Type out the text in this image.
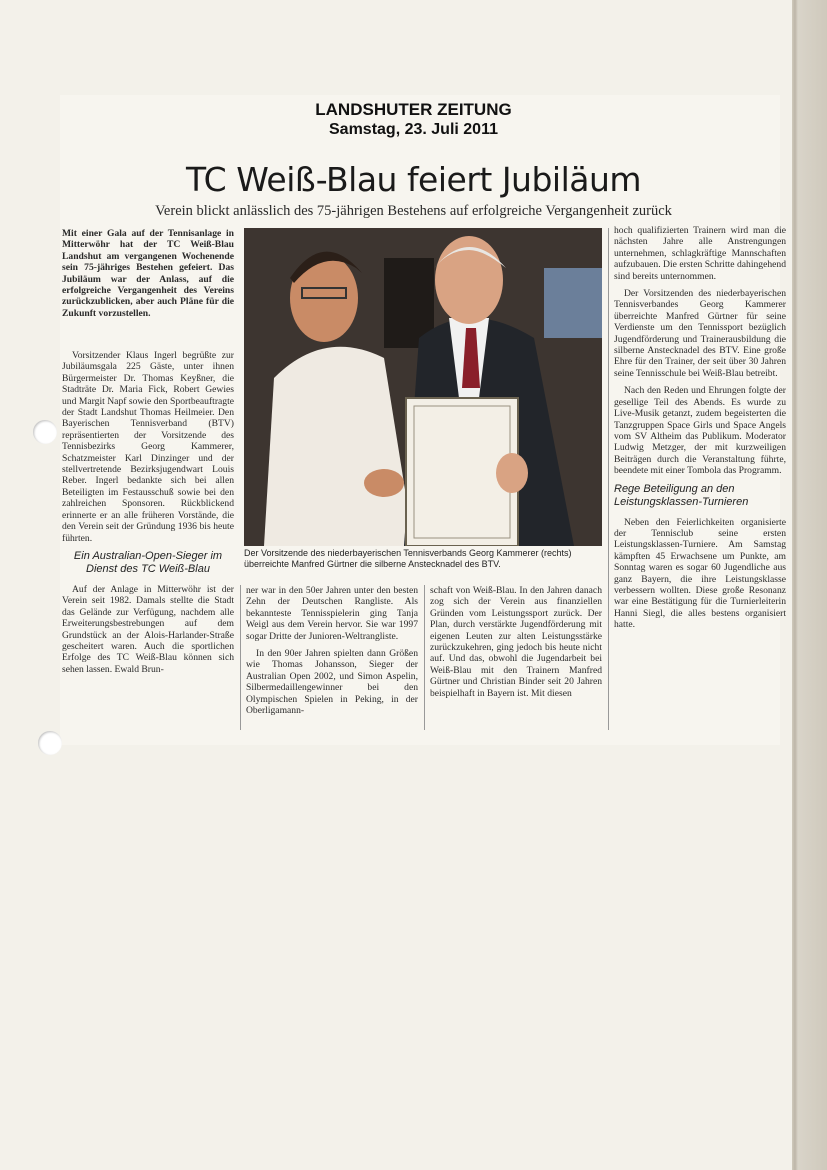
LANDSHUTER ZEITUNG
Samstag, 23. Juli 2011
TC Weiß-Blau feiert Jubiläum
Verein blickt anlässlich des 75-jährigen Bestehens auf erfolgreiche Vergangenheit zurück

Mit einer Gala auf der Tennisanlage in Mitterwöhr hat der TC Weiß-Blau Landshut am vergangenen Wochenende sein 75-jähriges Bestehen gefeiert. Das Jubiläum war der Anlass, auf die erfolgreiche Vergangenheit des Vereins zurückzublicken, aber auch Pläne für die Zukunft vorzustellen.

Vorsitzender Klaus Ingerl begrüßte zur Jubiläumsgala 225 Gäste, unter ihnen Bürgermeister Dr. Thomas Keyßner, die Stadträte Dr. Maria Fick, Robert Gewies und Margit Napf sowie den Sportbeauftragte der Stadt Landshut Thomas Heilmeier. Den Bayerischen Tennisverband (BTV) repräsentierten der Vorsitzende des Tennisbezirks Georg Kammerer, Schatzmeister Karl Dinzinger und der stellvertretende Bezirksjugendwart Louis Reber. Ingerl bedankte sich bei allen Beteiligten im Festausschuß sowie bei den zahlreichen Sponsoren. Rückblickend erinnerte er an alle früheren Vorstände, die den Verein seit der Gründung 1936 bis heute führten.

Ein Australian-Open-Sieger im Dienst des TC Weiß-Blau

Auf der Anlage in Mitterwöhr ist der Verein seit 1982. Damals stellte die Stadt das Gelände zur Verfügung, nachdem alle Erweiterungsbestrebungen auf dem Grundstück an der Alois-Harlander-Straße gescheitert waren. Auch die sportlichen Erfolge des TC Weiß-Blau können sich sehen lassen. Ewald Brun-

Der Vorsitzende des niederbayerischen Tennisverbands Georg Kammerer (rechts) überreichte Manfred Gürtner die silberne Anstecknadel des BTV.

ner war in den 50er Jahren unter den besten Zehn der Deutschen Rangliste. Als bekannteste Tennisspielerin ging Tanja Weigl aus dem Verein hervor. Sie war 1997 sogar Dritte der Junioren-Weltrangliste.

In den 90er Jahren spielten dann Größen wie Thomas Johansson, Sieger der Australian Open 2002, und Simon Aspelin, Silbermedaillengewinner bei den Olympischen Spielen in Peking, in der Oberligamann-

schaft von Weiß-Blau. In den Jahren danach zog sich der Verein aus finanziellen Gründen vom Leistungssport zurück. Der Plan, durch verstärkte Jugendförderung mit eigenen Leuten zur alten Leistungsstärke zurückzukehren, ging jedoch bis heute nicht auf. Und das, obwohl die Jugendarbeit bei Weiß-Blau mit den Trainern Manfred Gürtner und Christian Binder seit 20 Jahren beispielhaft in Bayern ist. Mit diesen

hoch qualifizierten Trainern wird man die nächsten Jahre alle Anstrengungen unternehmen, schlagkräftige Mannschaften aufzubauen. Die ersten Schritte dahingehend sind bereits unternommen.

Der Vorsitzenden des niederbayerischen Tennisverbandes Georg Kammerer überreichte Manfred Gürtner für seine Verdienste um den Tennissport bezüglich Jugendförderung und Trainerausbildung die silberne Anstecknadel des BTV. Eine große Ehre für den Trainer, der seit über 30 Jahren seine Tennisschule bei Weiß-Blau betreibt.

Nach den Reden und Ehrungen folgte der gesellige Teil des Abends. Es wurde zu Live-Musik getanzt, zudem begeisterten die Tanzgruppen Space Girls und Space Angels vom SV Altheim das Publikum. Moderator Ludwig Metzger, der mit kurzweiligen Beiträgen durch die Veranstaltung führte, beendete mit einer Tombola das Programm.

Rege Beteiligung an den Leistungsklassen-Turnieren

Neben den Feierlichkeiten organisierte der Tennisclub seine ersten Leistungsklassen-Turniere. Am Samstag kämpften 45 Erwachsene um Punkte, am Sonntag waren es sogar 60 Jugendliche aus ganz Bayern, die ihre Leistungsklasse verbessern wollten. Diese große Resonanz war eine Bestätigung für die Turnierleiterin Hanni Siegl, die alles bestens organisiert hatte.
